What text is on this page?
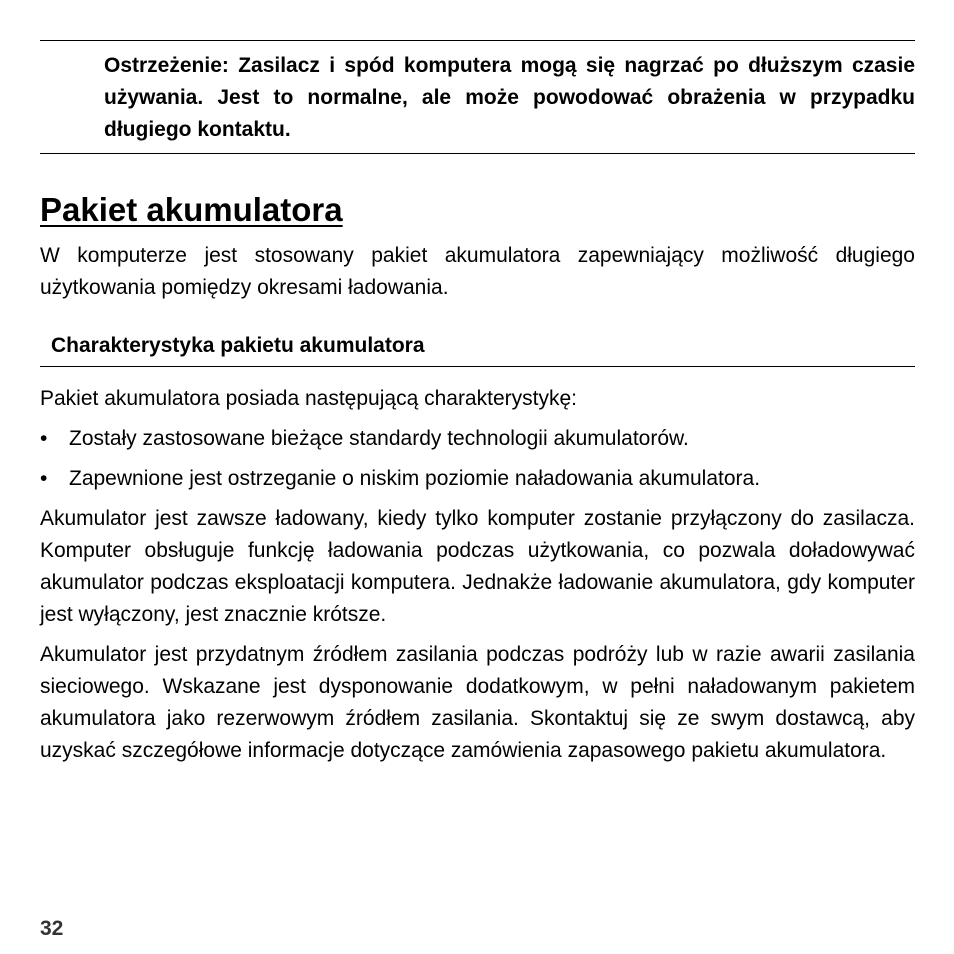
Ostrzeżenie: Zasilacz i spód komputera mogą się nagrzać po dłuższym czasie używania. Jest to normalne, ale może powodować obrażenia w przypadku długiego kontaktu.

Pakiet akumulatora

W komputerze jest stosowany pakiet akumulatora zapewniający możliwość długiego użytkowania pomiędzy okresami ładowania.

Charakterystyka pakietu akumulatora

Pakiet akumulatora posiada następującą charakterystykę:

• Zostały zastosowane bieżące standardy technologii akumulatorów.

• Zapewnione jest ostrzeganie o niskim poziomie naładowania akumulatora.

Akumulator jest zawsze ładowany, kiedy tylko komputer zostanie przyłączony do zasilacza. Komputer obsługuje funkcję ładowania podczas użytkowania, co pozwala doładowywać akumulator podczas eksploatacji komputera. Jednakże ładowanie akumulatora, gdy komputer jest wyłączony, jest znacznie krótsze.

Akumulator jest przydatnym źródłem zasilania podczas podróży lub w razie awarii zasilania sieciowego. Wskazane jest dysponowanie dodatkowym, w pełni naładowanym pakietem akumulatora jako rezerwowym źródłem zasilania. Skontaktuj się ze swym dostawcą, aby uzyskać szczegółowe informacje dotyczące zamówienia zapasowego pakietu akumulatora.

32
